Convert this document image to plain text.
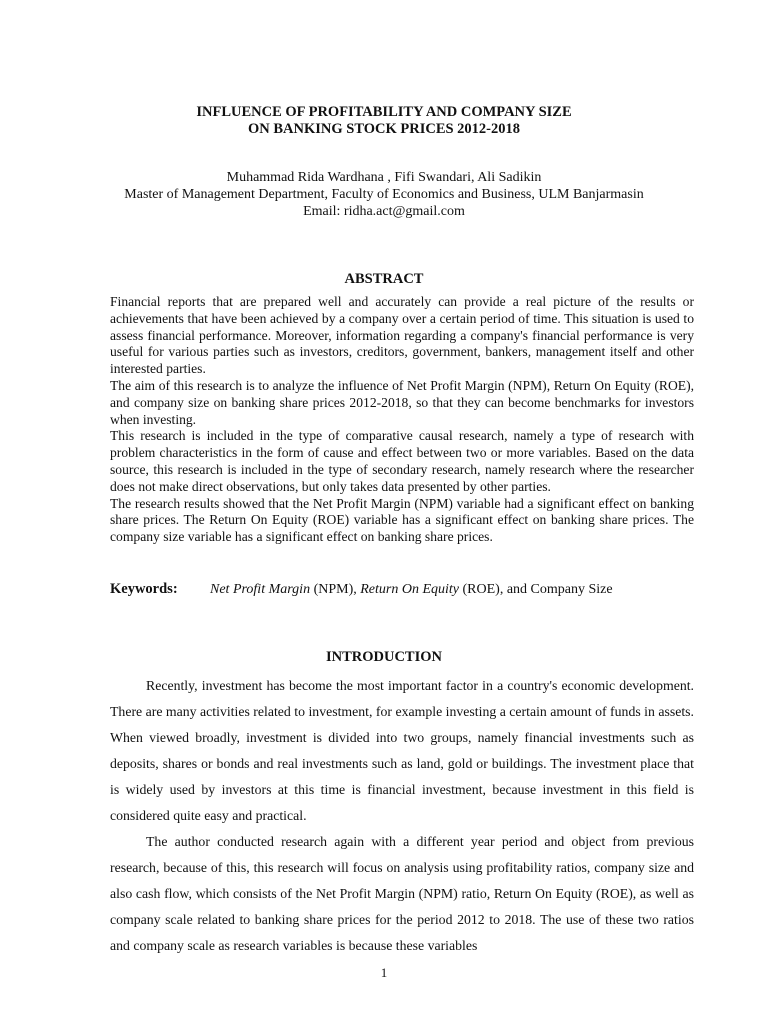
INFLUENCE OF PROFITABILITY AND COMPANY SIZE
ON BANKING STOCK PRICES 2012-2018
Muhammad Rida Wardhana , Fifi Swandari, Ali Sadikin
Master of Management Department, Faculty of Economics and Business, ULM Banjarmasin
Email: ridha.act@gmail.com
ABSTRACT

Financial reports that are prepared well and accurately can provide a real picture of the results or achievements that have been achieved by a company over a certain period of time. This situation is used to assess financial performance. Moreover, information regarding a company's financial performance is very useful for various parties such as investors, creditors, government, bankers, management itself and other interested parties.

The aim of this research is to analyze the influence of Net Profit Margin (NPM), Return On Equity (ROE), and company size on banking share prices 2012-2018, so that they can become benchmarks for investors when investing.

This research is included in the type of comparative causal research, namely a type of research with problem characteristics in the form of cause and effect between two or more variables. Based on the data source, this research is included in the type of secondary research, namely research where the researcher does not make direct observations, but only takes data presented by other parties.

The research results showed that the Net Profit Margin (NPM) variable had a significant effect on banking share prices. The Return On Equity (ROE) variable has a significant effect on banking share prices. The company size variable has a significant effect on banking share prices.

Keywords: Net Profit Margin (NPM), Return On Equity (ROE), and Company Size
INTRODUCTION

Recently, investment has become the most important factor in a country's economic development. There are many activities related to investment, for example investing a certain amount of funds in assets. When viewed broadly, investment is divided into two groups, namely financial investments such as deposits, shares or bonds and real investments such as land, gold or buildings. The investment place that is widely used by investors at this time is financial investment, because investment in this field is considered quite easy and practical.

The author conducted research again with a different year period and object from previous research, because of this, this research will focus on analysis using profitability ratios, company size and also cash flow, which consists of the Net Profit Margin (NPM) ratio, Return On Equity (ROE), as well as company scale related to banking share prices for the period 2012 to 2018. The use of these two ratios and company scale as research variables is because these variables

1
